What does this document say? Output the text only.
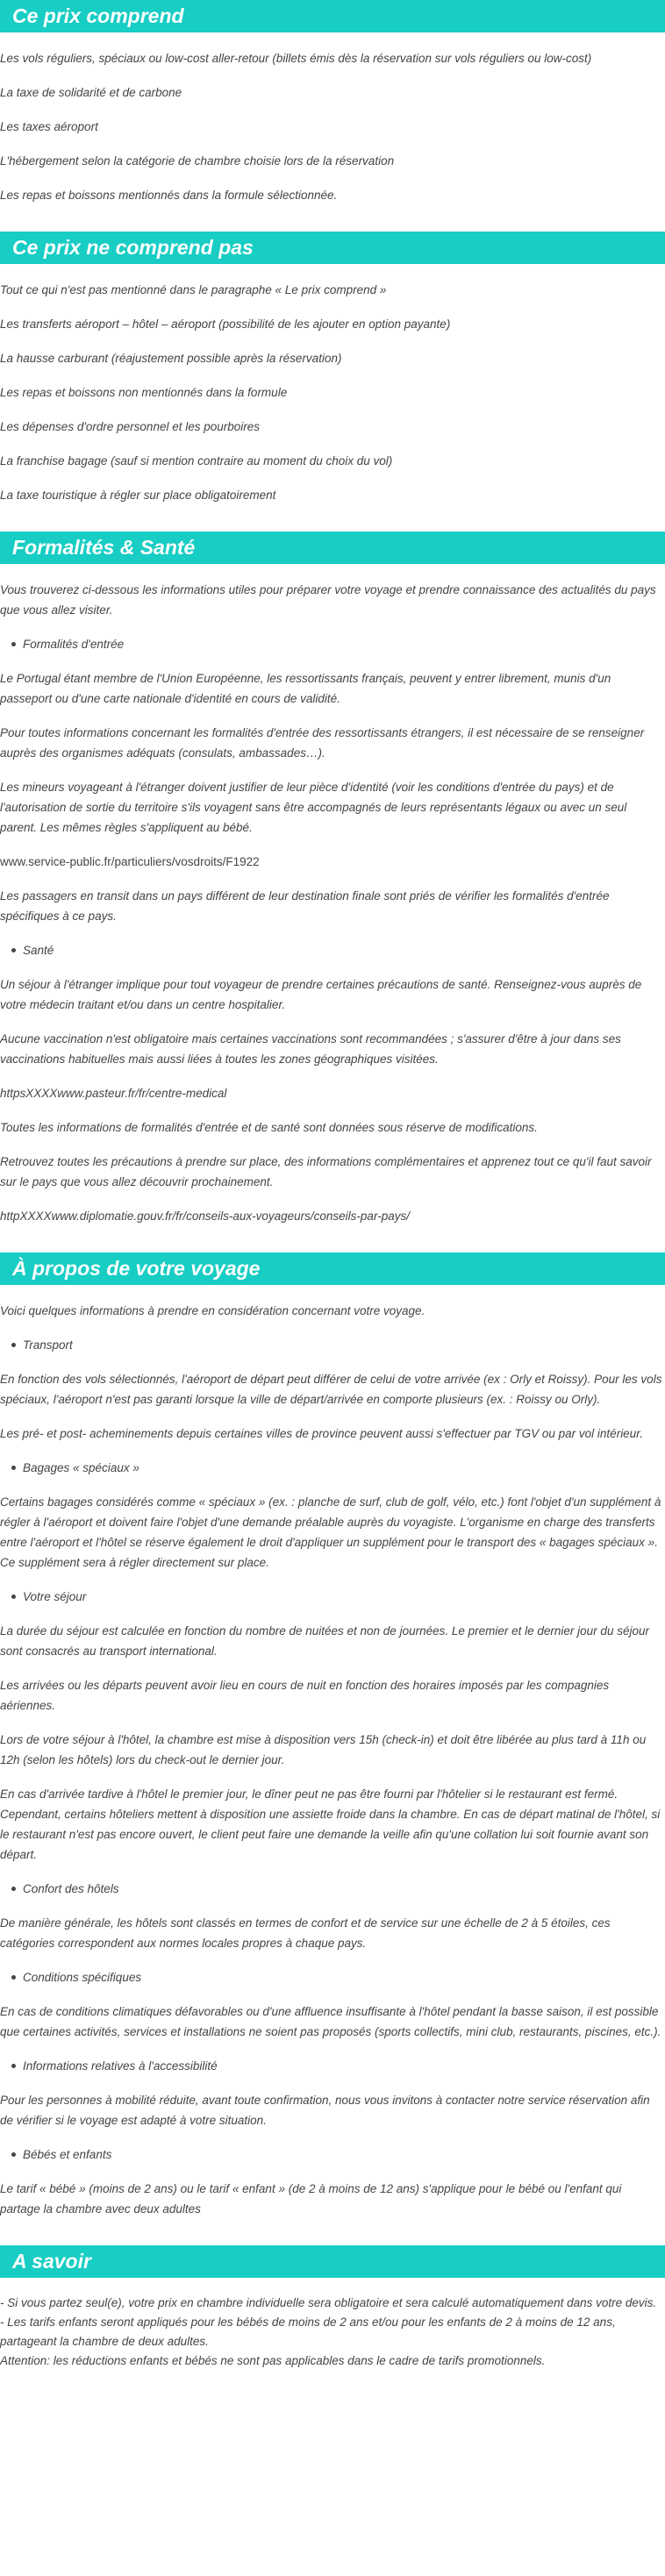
Ce prix comprend

Les vols réguliers, spéciaux ou low-cost aller-retour (billets émis dès la réservation sur vols réguliers ou low-cost)

La taxe de solidarité et de carbone

Les taxes aéroport

L'hébergement selon la catégorie de chambre choisie lors de la réservation

Les repas et boissons mentionnés dans la formule sélectionnée.

Ce prix ne comprend pas

Tout ce qui n'est pas mentionné dans le paragraphe « Le prix comprend »

Les transferts aéroport – hôtel – aéroport (possibilité de les ajouter en option payante)

La hausse carburant (réajustement possible après la réservation)

Les repas et boissons non mentionnés dans la formule

Les dépenses d'ordre personnel et les pourboires

La franchise bagage (sauf si mention contraire au moment du choix du vol)

La taxe touristique à régler sur place obligatoirement

Formalités & Santé

Vous trouverez ci-dessous les informations utiles pour préparer votre voyage et prendre connaissance des actualités du pays que vous allez visiter.

Formalités d'entrée

Le Portugal étant membre de l'Union Européenne, les ressortissants français, peuvent y entrer librement, munis d'un passeport ou d'une carte nationale d'identité en cours de validité.

Pour toutes informations concernant les formalités d'entrée des ressortissants étrangers, il est nécessaire de se renseigner auprès des organismes adéquats (consulats, ambassades…).

Les mineurs voyageant à l'étranger doivent justifier de leur pièce d'identité (voir les conditions d'entrée du pays) et de l'autorisation de sortie du territoire s'ils voyagent sans être accompagnés de leurs représentants légaux ou avec un seul parent. Les mêmes règles s'appliquent au bébé.

www.service-public.fr/particuliers/vosdroits/F1922

Les passagers en transit dans un pays différent de leur destination finale sont priés de vérifier les formalités d'entrée spécifiques à ce pays.

Santé

Un séjour à l'étranger implique pour tout voyageur de prendre certaines précautions de santé. Renseignez-vous auprès de votre médecin traitant et/ou dans un centre hospitalier.

Aucune vaccination n'est obligatoire mais certaines vaccinations sont recommandées ; s'assurer d'être à jour dans ses vaccinations habituelles mais aussi liées à toutes les zones géographiques visitées.

httpsXXXXwww.pasteur.fr/fr/centre-medical

Toutes les informations de formalités d'entrée et de santé sont données sous réserve de modifications.

Retrouvez toutes les précautions à prendre sur place, des informations complémentaires et apprenez tout ce qu'il faut savoir sur le pays que vous allez découvrir prochainement.

httpXXXXwww.diplomatie.gouv.fr/fr/conseils-aux-voyageurs/conseils-par-pays/

À propos de votre voyage

Voici quelques informations à prendre en considération concernant votre voyage.

Transport

En fonction des vols sélectionnés, l'aéroport de départ peut différer de celui de votre arrivée (ex : Orly et Roissy). Pour les vols spéciaux, l'aéroport n'est pas garanti lorsque la ville de départ/arrivée en comporte plusieurs (ex. : Roissy ou Orly).

Les pré- et post- acheminements depuis certaines villes de province peuvent aussi s'effectuer par TGV ou par vol intérieur.

Bagages « spéciaux »

Certains bagages considérés comme « spéciaux » (ex. : planche de surf, club de golf, vélo, etc.) font l'objet d'un supplément à régler à l'aéroport et doivent faire l'objet d'une demande préalable auprès du voyagiste. L'organisme en charge des transferts entre l'aéroport et l'hôtel se réserve également le droit d'appliquer un supplément pour le transport des « bagages spéciaux ». Ce supplément sera à régler directement sur place.

Votre séjour

La durée du séjour est calculée en fonction du nombre de nuitées et non de journées. Le premier et le dernier jour du séjour sont consacrés au transport international.

Les arrivées ou les départs peuvent avoir lieu en cours de nuit en fonction des horaires imposés par les compagnies aériennes.

Lors de votre séjour à l'hôtel, la chambre est mise à disposition vers 15h (check-in) et doit être libérée au plus tard à 11h ou 12h (selon les hôtels) lors du check-out le dernier jour.

En cas d'arrivée tardive à l'hôtel le premier jour, le dîner peut ne pas être fourni par l'hôtelier si le restaurant est fermé. Cependant, certains hôteliers mettent à disposition une assiette froide dans la chambre. En cas de départ matinal de l'hôtel, si le restaurant n'est pas encore ouvert, le client peut faire une demande la veille afin qu'une collation lui soit fournie avant son départ.

Confort des hôtels

De manière générale, les hôtels sont classés en termes de confort et de service sur une échelle de 2 à 5 étoiles, ces catégories correspondent aux normes locales propres à chaque pays.

Conditions spécifiques

En cas de conditions climatiques défavorables ou d'une affluence insuffisante à l'hôtel pendant la basse saison, il est possible que certaines activités, services et installations ne soient pas proposés (sports collectifs, mini club, restaurants, piscines, etc.).

Informations relatives à l'accessibilité

Pour les personnes à mobilité réduite, avant toute confirmation, nous vous invitons à contacter notre service réservation afin de vérifier si le voyage est adapté à votre situation.

Bébés et enfants

Le tarif « bébé » (moins de 2 ans) ou le tarif « enfant » (de 2 à moins de 12 ans) s'applique pour le bébé ou l'enfant qui partage la chambre avec deux adultes

A savoir
- Si vous partez seul(e), votre prix en chambre individuelle sera obligatoire et sera calculé automatiquement dans votre devis.
- Les tarifs enfants seront appliqués pour les bébés de moins de 2 ans et/ou pour les enfants de 2 à moins de 12 ans, partageant la chambre de deux adultes.
Attention: les réductions enfants et bébés ne sont pas applicables dans le cadre de tarifs promotionnels.
